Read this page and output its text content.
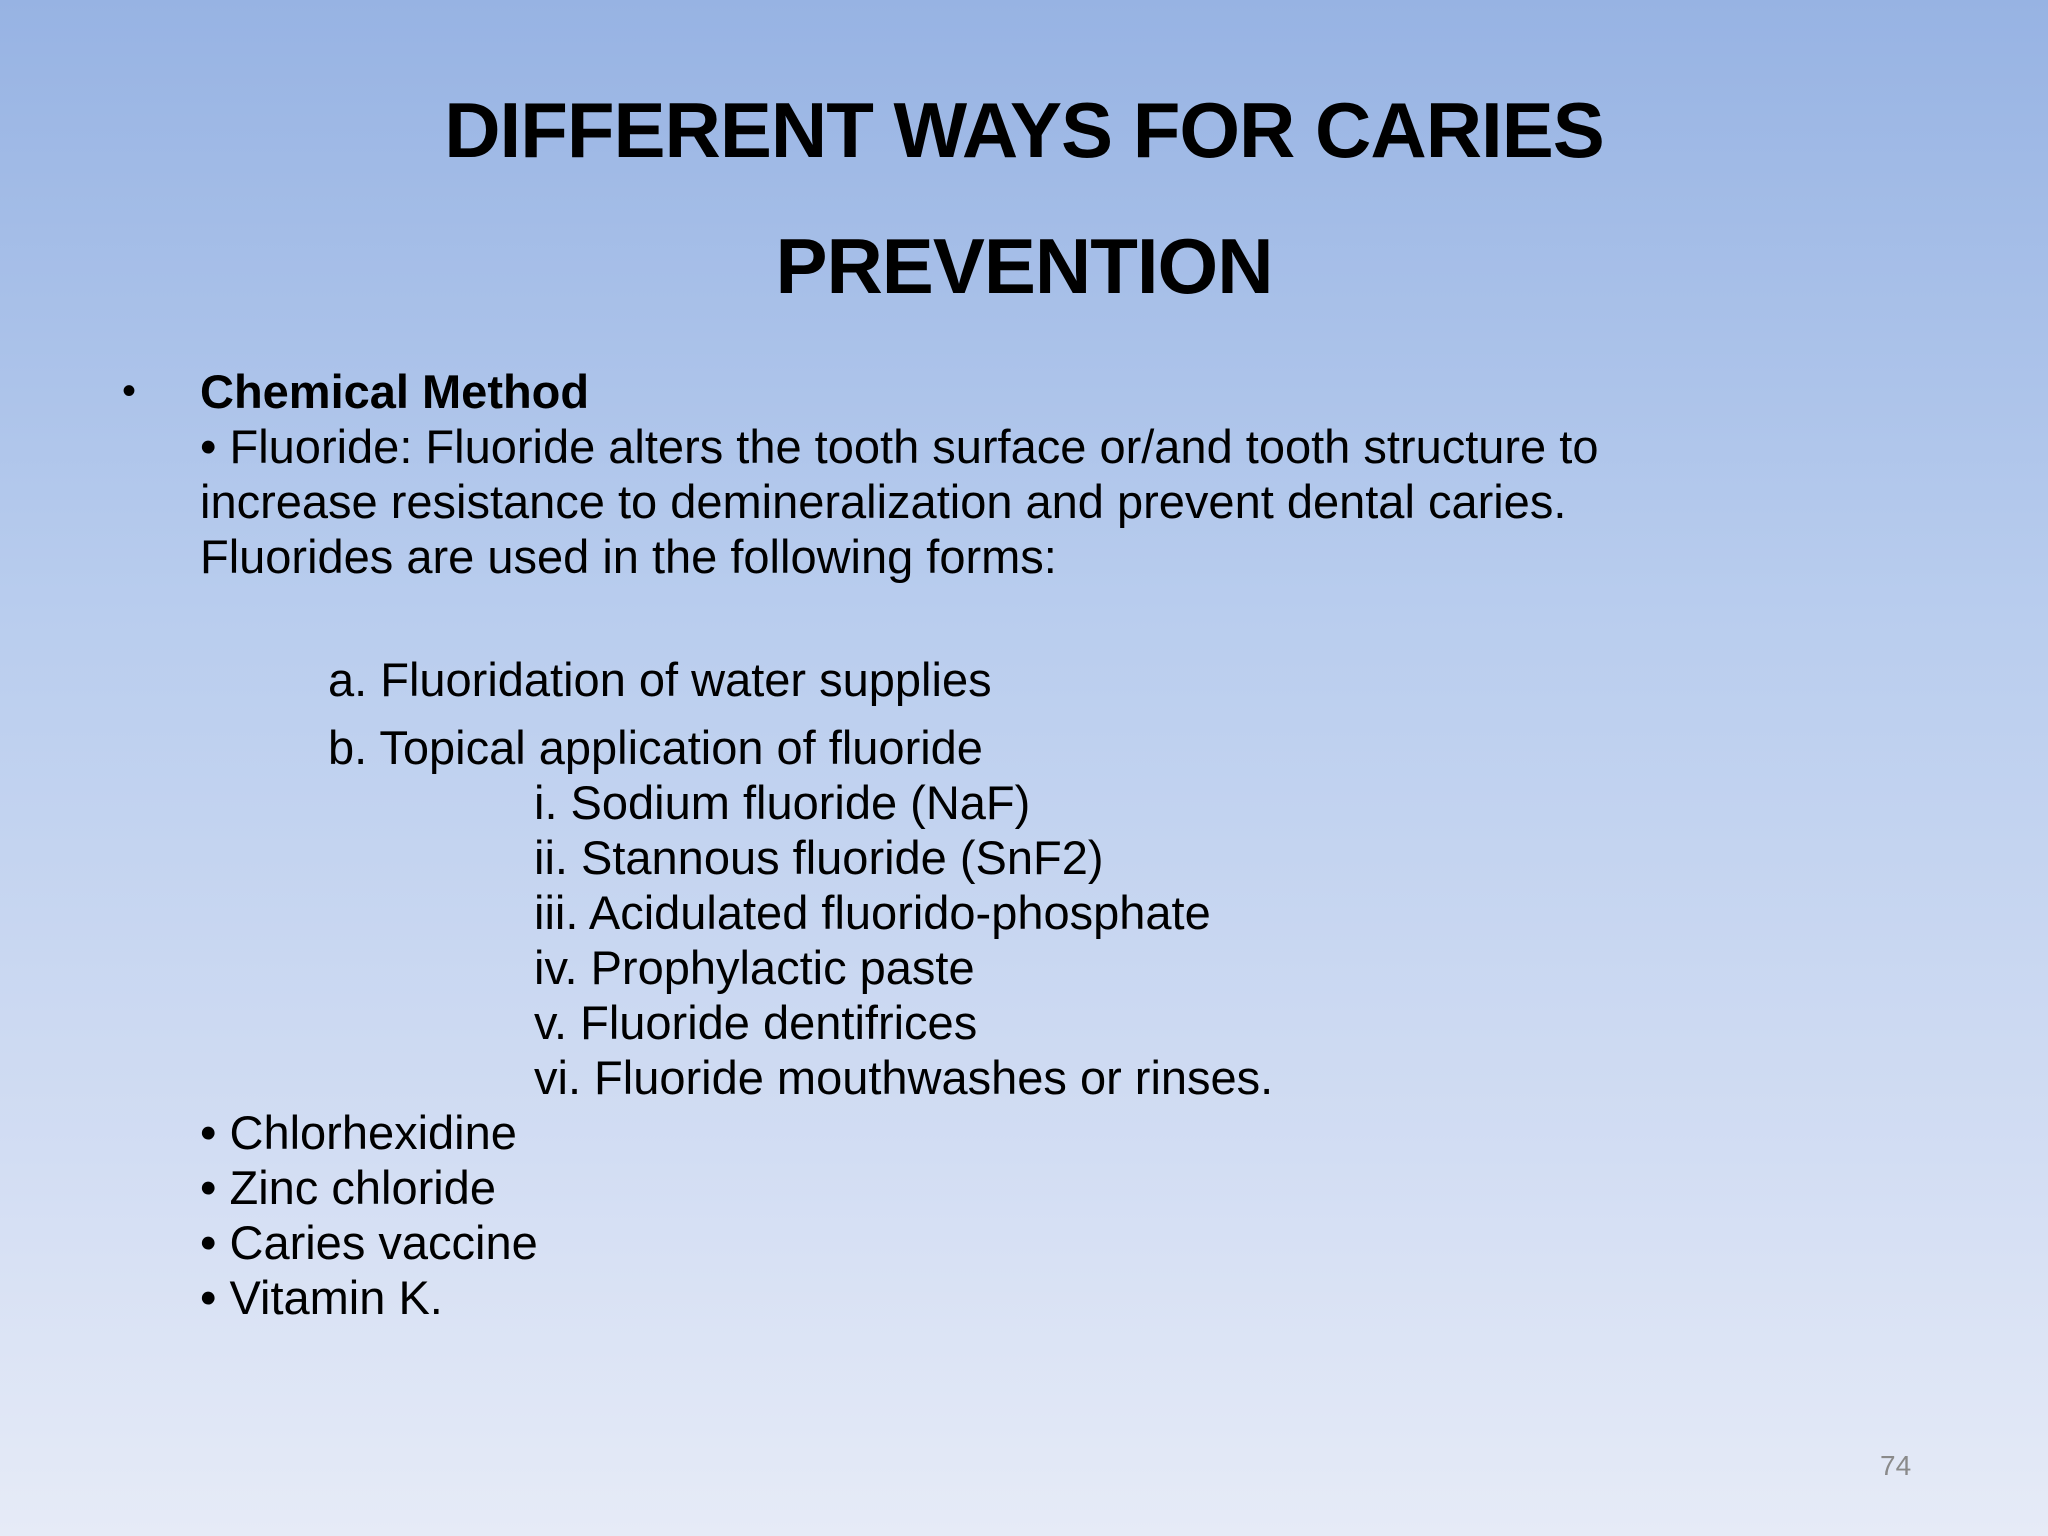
DIFFERENT WAYS FOR CARIES
PREVENTION
• Chemical Method
• Fluoride: Fluoride alters the tooth surface or/and tooth structure to
increase resistance to demineralization and prevent dental caries.
Fluorides are used in the following forms:
a. Fluoridation of water supplies
b. Topical application of fluoride
i. Sodium fluoride (NaF)
ii. Stannous fluoride (SnF2)
iii. Acidulated fluorido-phosphate
iv. Prophylactic paste
v. Fluoride dentifrices
vi. Fluoride mouthwashes or rinses.
• Chlorhexidine
• Zinc chloride
• Caries vaccine
• Vitamin K.
74
